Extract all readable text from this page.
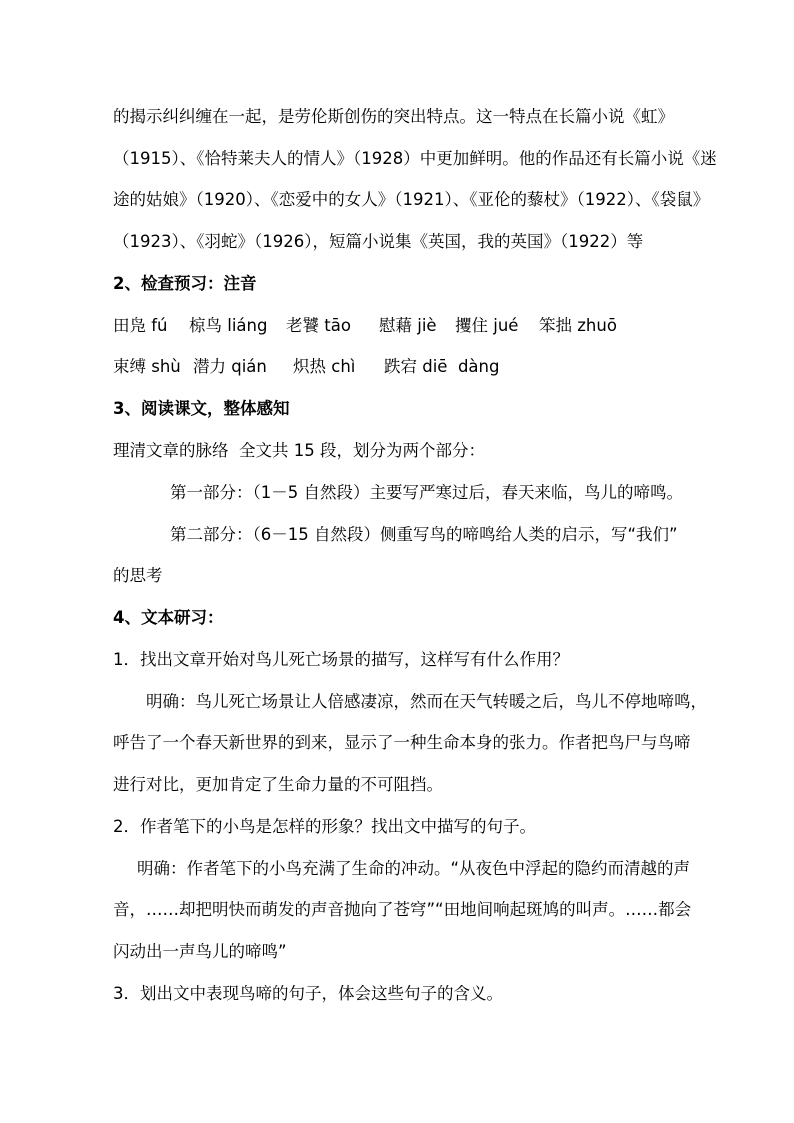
的揭示纠纠缠在一起，是劳伦斯创伤的突出特点。这一特点在长篇小说《虹》
（1915）、《恰特莱夫人的情人》（1928）中更加鲜明。他的作品还有长篇小说《迷
途的姑娘》（1920）、《恋爱中的女人》（1921）、《亚伦的藜杖》（1922）、《袋鼠》
（1923）、《羽蛇》（1926），短篇小说集《英国，我的英国》（1922）等
2、检查预习：注音
田凫 fú 椋鸟 liáng 老饕 tāo 慰藉 jiè 攫住 jué 笨拙 zhuō
束缚 shù 潜力 qián 炽热 chì 跌宕 diē  dàng
3、阅读课文，整体感知
理清文章的脉络  全文共 15 段，划分为两个部分：
第一部分：（1－5 自然段）主要写严寒过后，春天来临，鸟儿的啼鸣。
第二部分：（6－15 自然段）侧重写鸟的啼鸣给人类的启示，写“我们”
的思考
4、文本研习：
1．找出文章开始对鸟儿死亡场景的描写，这样写有什么作用？
明确：鸟儿死亡场景让人倍感凄凉，然而在天气转暖之后，鸟儿不停地啼鸣，
呼告了一个春天新世界的到来，显示了一种生命本身的张力。作者把鸟尸与鸟啼
进行对比，更加肯定了生命力量的不可阻挡。
2．作者笔下的小鸟是怎样的形象？找出文中描写的句子。
明确：作者笔下的小鸟充满了生命的冲动。“从夜色中浮起的隐约而清越的声
音，……却把明快而萌发的声音抛向了苍穹”“田地间响起斑鸠的叫声。……都会
闪动出一声鸟儿的啼鸣”
3．划出文中表现鸟啼的句子，体会这些句子的含义。
